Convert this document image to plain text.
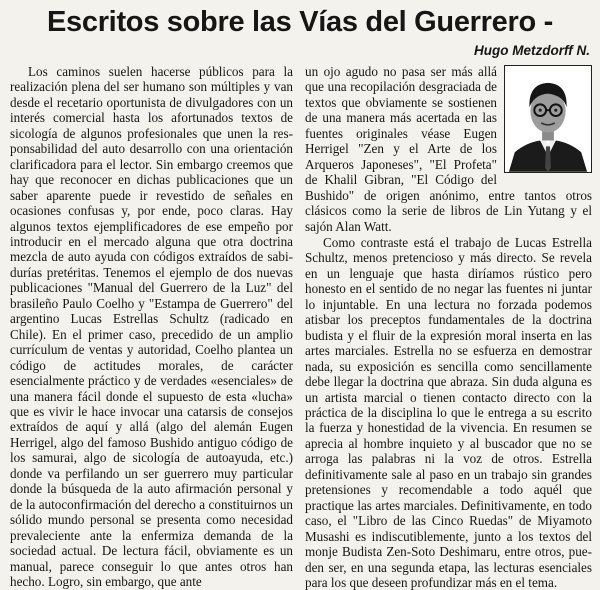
Escritos sobre las Vías del Guerrero -
Hugo Metzdorff N.

Los caminos suelen hacerse públicos para la realización plena del ser humano son múltiples y van desde el recetario oportunista de divulgadores con un interés comercial hasta los afortunados textos de sicología de algunos profesionales que unen la responsabilidad del auto desarrollo con una orientación clarificadora para el lector. Sin embargo creemos que hay que reconocer en dichas publicaciones que un saber aparente puede ir revestido de señales en ocasiones confusas y, por ende, poco claras. Hay algunos textos ejemplificadores de ese empeño por introducir en el mercado alguna que otra doctrina mezcla de auto ayuda con códigos extraídos de sabidurías pretéritas. Tenemos el ejemplo de dos nuevas publicaciones "Manual del Guerrero de la Luz" del brasileño Paulo Coelho y "Estampa de Guerrero" del argentino Lucas Estrellas Schultz (radicado en Chile). En el primer caso, precedido de un amplio currículum de ventas y autoridad, Coelho plantea un código de actitudes morales, de carácter esencialmente práctico y de verdades «esenciales» de una manera fácil donde el supuesto de esta «lucha» que es vivir le hace invocar una catarsis de consejos extraídos de aquí y allá (algo del alemán Eugen Herrigel, algo del famoso Bushido antiguo código de los samurai, algo de sicología de autoayuda, etc.) donde va perfilando un ser guerrero muy particular donde la búsqueda de la auto afirmación personal y de la autoconfirmación del derecho a constituirnos un sólido mundo personal se presenta como necesidad prevaleciente ante la enfermiza demanda de la sociedad actual. De lectura fácil, obviamente es un manual, parece conseguir lo que antes otros han hecho. Logro, sin embargo, que ante

un ojo agudo no pasa ser más allá que una recopilación desgraciada de textos que obviamente se sostienen de una manera más acertada en las fuentes originales véase Eugen Herrigel "Zen y el Arte de los Arqueros Japoneses", "El Profeta" de Khalil Gibran, "El Código del Bushido" de origen anónimo, entre tantos otros clásicos como la serie de libros de Lin Yutang y el sajón Alan Watt.

Como contraste está el trabajo de Lucas Estrella Schultz, menos pretencioso y más directo. Se revela en un lenguaje que hasta diríamos rústico pero honesto en el sentido de no negar las fuentes ni juntar lo injuntable. En una lectura no forzada podemos atisbar los preceptos fundamentales de la doctrina budista y el fluir de la expresión moral inserta en las artes marciales. Estrella no se esfuerza en demostrar nada, su exposición es sencilla como sencillamente debe llegar la doctrina que abraza. Sin duda alguna es un artista marcial o tienen contacto directo con la práctica de la disciplina lo que le entrega a su escrito la fuerza y honestidad de la vivencia. En resumen se aprecia al hombre inquieto y al buscador que no se arroga las palabras ni la voz de otros. Estrella definitivamente sale al paso en un trabajo sin grandes pretensiones y recomendable a todo aquél que practique las artes marciales. Definitivamente, en todo caso, el "Libro de las Cinco Ruedas" de Miyamoto Musashi es indiscutiblemente, junto a los textos del monje Budista Zen-Soto Deshimaru, entre otros, pueden ser, en una segunda etapa, las lecturas esenciales para los que deseen profundizar más en el tema.
